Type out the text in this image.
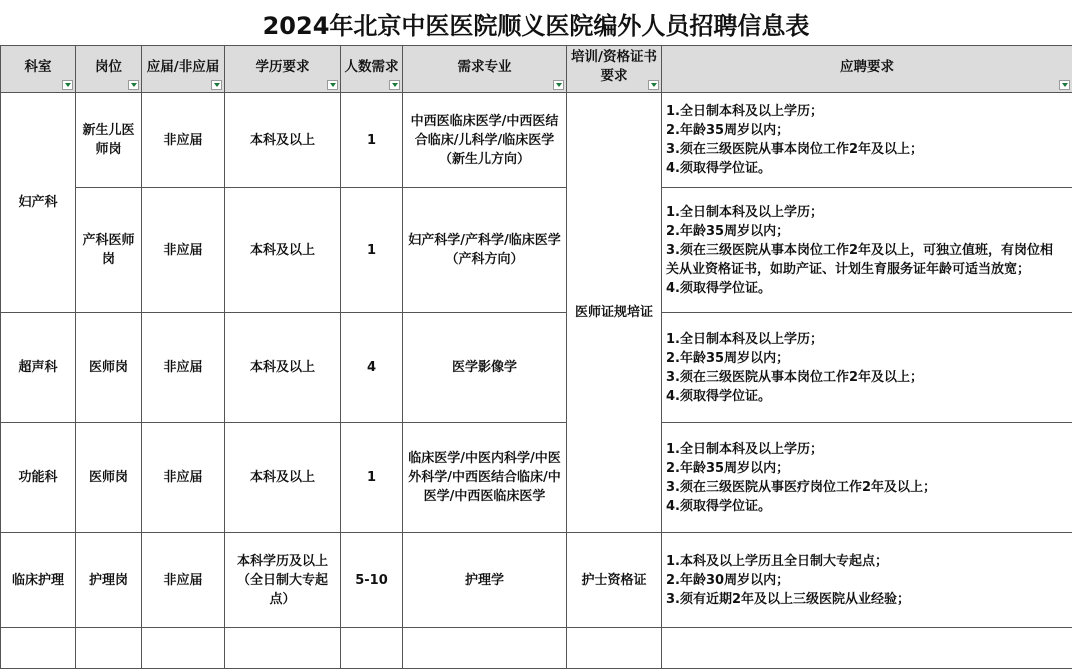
2024年北京中医医院顺义医院编外人员招聘信息表
科室	岗位	应届/非应届	学历要求	人数需求	需求专业	培训/资格证书要求	应聘要求

妇产科	新生儿医师岗	非应届	本科及以上	1	中西医临床医学/中西医结合临床/儿科学/临床医学（新生儿方向）	医师证规培证	1.全日制本科及以上学历；
2.年龄35周岁以内；
3.须在三级医院从事本岗位工作2年及以上；
4.须取得学位证。

	产科医师岗	非应届	本科及以上	1	妇产科学/产科学/临床医学（产科方向）		1.全日制本科及以上学历；
2.年龄35周岁以内；
3.须在三级医院从事本岗位工作2年及以上，可独立值班，有岗位相关从业资格证书，如助产证、计划生育服务证年龄可适当放宽；
4.须取得学位证。

超声科	医师岗	非应届	本科及以上	4	医学影像学		1.全日制本科及以上学历；
2.年龄35周岁以内；
3.须在三级医院从事本岗位工作2年及以上；
4.须取得学位证。

功能科	医师岗	非应届	本科及以上	1	临床医学/中医内科学/中医外科学/中西医结合临床/中医学/中西医临床医学		1.全日制本科及以上学历；
2.年龄35周岁以内；
3.须在三级医院从事医疗岗位工作2年及以上；
4.须取得学位证。

临床护理	护理岗	非应届	本科学历及以上（全日制大专起点）	5-10	护理学	护士资格证	1.本科及以上学历且全日制大专起点；
2.年龄30周岁以内；
3.须有近期2年及以上三级医院从业经验；
